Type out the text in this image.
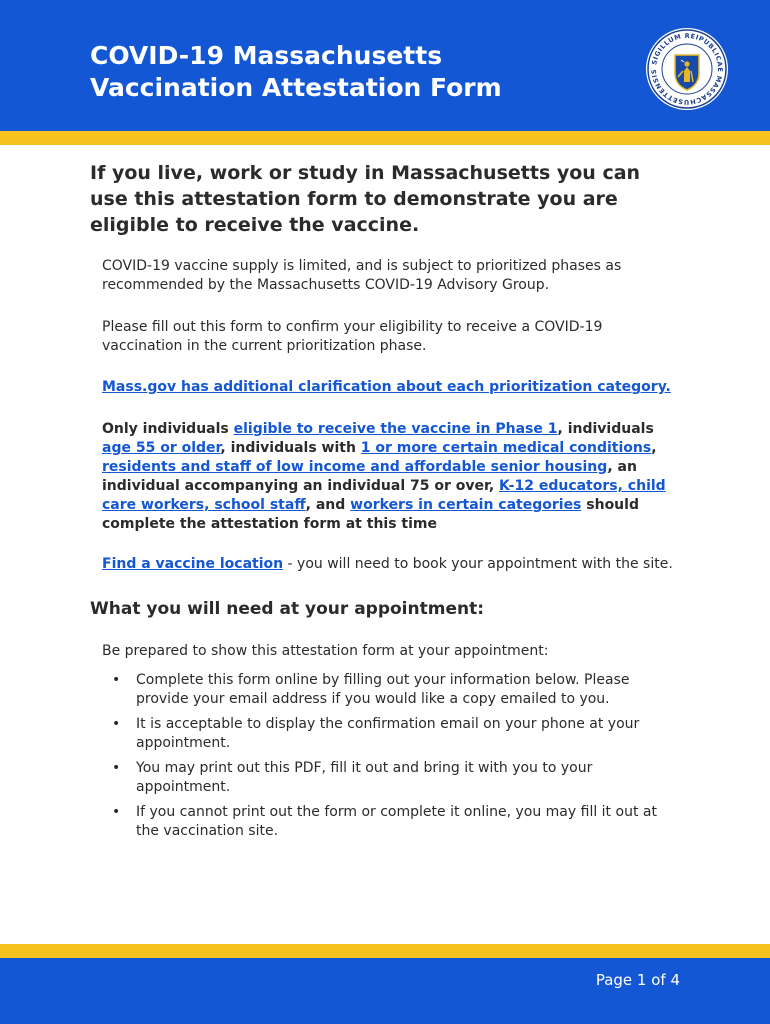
COVID-19 Massachusetts Vaccination Attestation Form
SIGILLUM REIPUBLICAE MASSACHUSETTENSIS
If you live, work or study in Massachusetts you can use this attestation form to demonstrate you are eligible to receive the vaccine.

COVID-19 vaccine supply is limited, and is subject to prioritized phases as recommended by the Massachusetts COVID-19 Advisory Group.

Please fill out this form to confirm your eligibility to receive a COVID-19 vaccination in the current prioritization phase.

Mass.gov has additional clarification about each prioritization category.

Only individuals eligible to receive the vaccine in Phase 1, individuals age 55 or older, individuals with 1 or more certain medical conditions, residents and staff of low income and affordable senior housing, an individual accompanying an individual 75 or over, K-12 educators, child care workers, school staff, and workers in certain categories should complete the attestation form at this time

Find a vaccine location - you will need to book your appointment with the site.

What you will need at your appointment:

Be prepared to show this attestation form at your appointment:

• Complete this form online by filling out your information below. Please provide your email address if you would like a copy emailed to you.
• It is acceptable to display the confirmation email on your phone at your appointment.
• You may print out this PDF, fill it out and bring it with you to your appointment.
• If you cannot print out the form or complete it online, you may fill it out at the vaccination site.
Page 1 of 4
